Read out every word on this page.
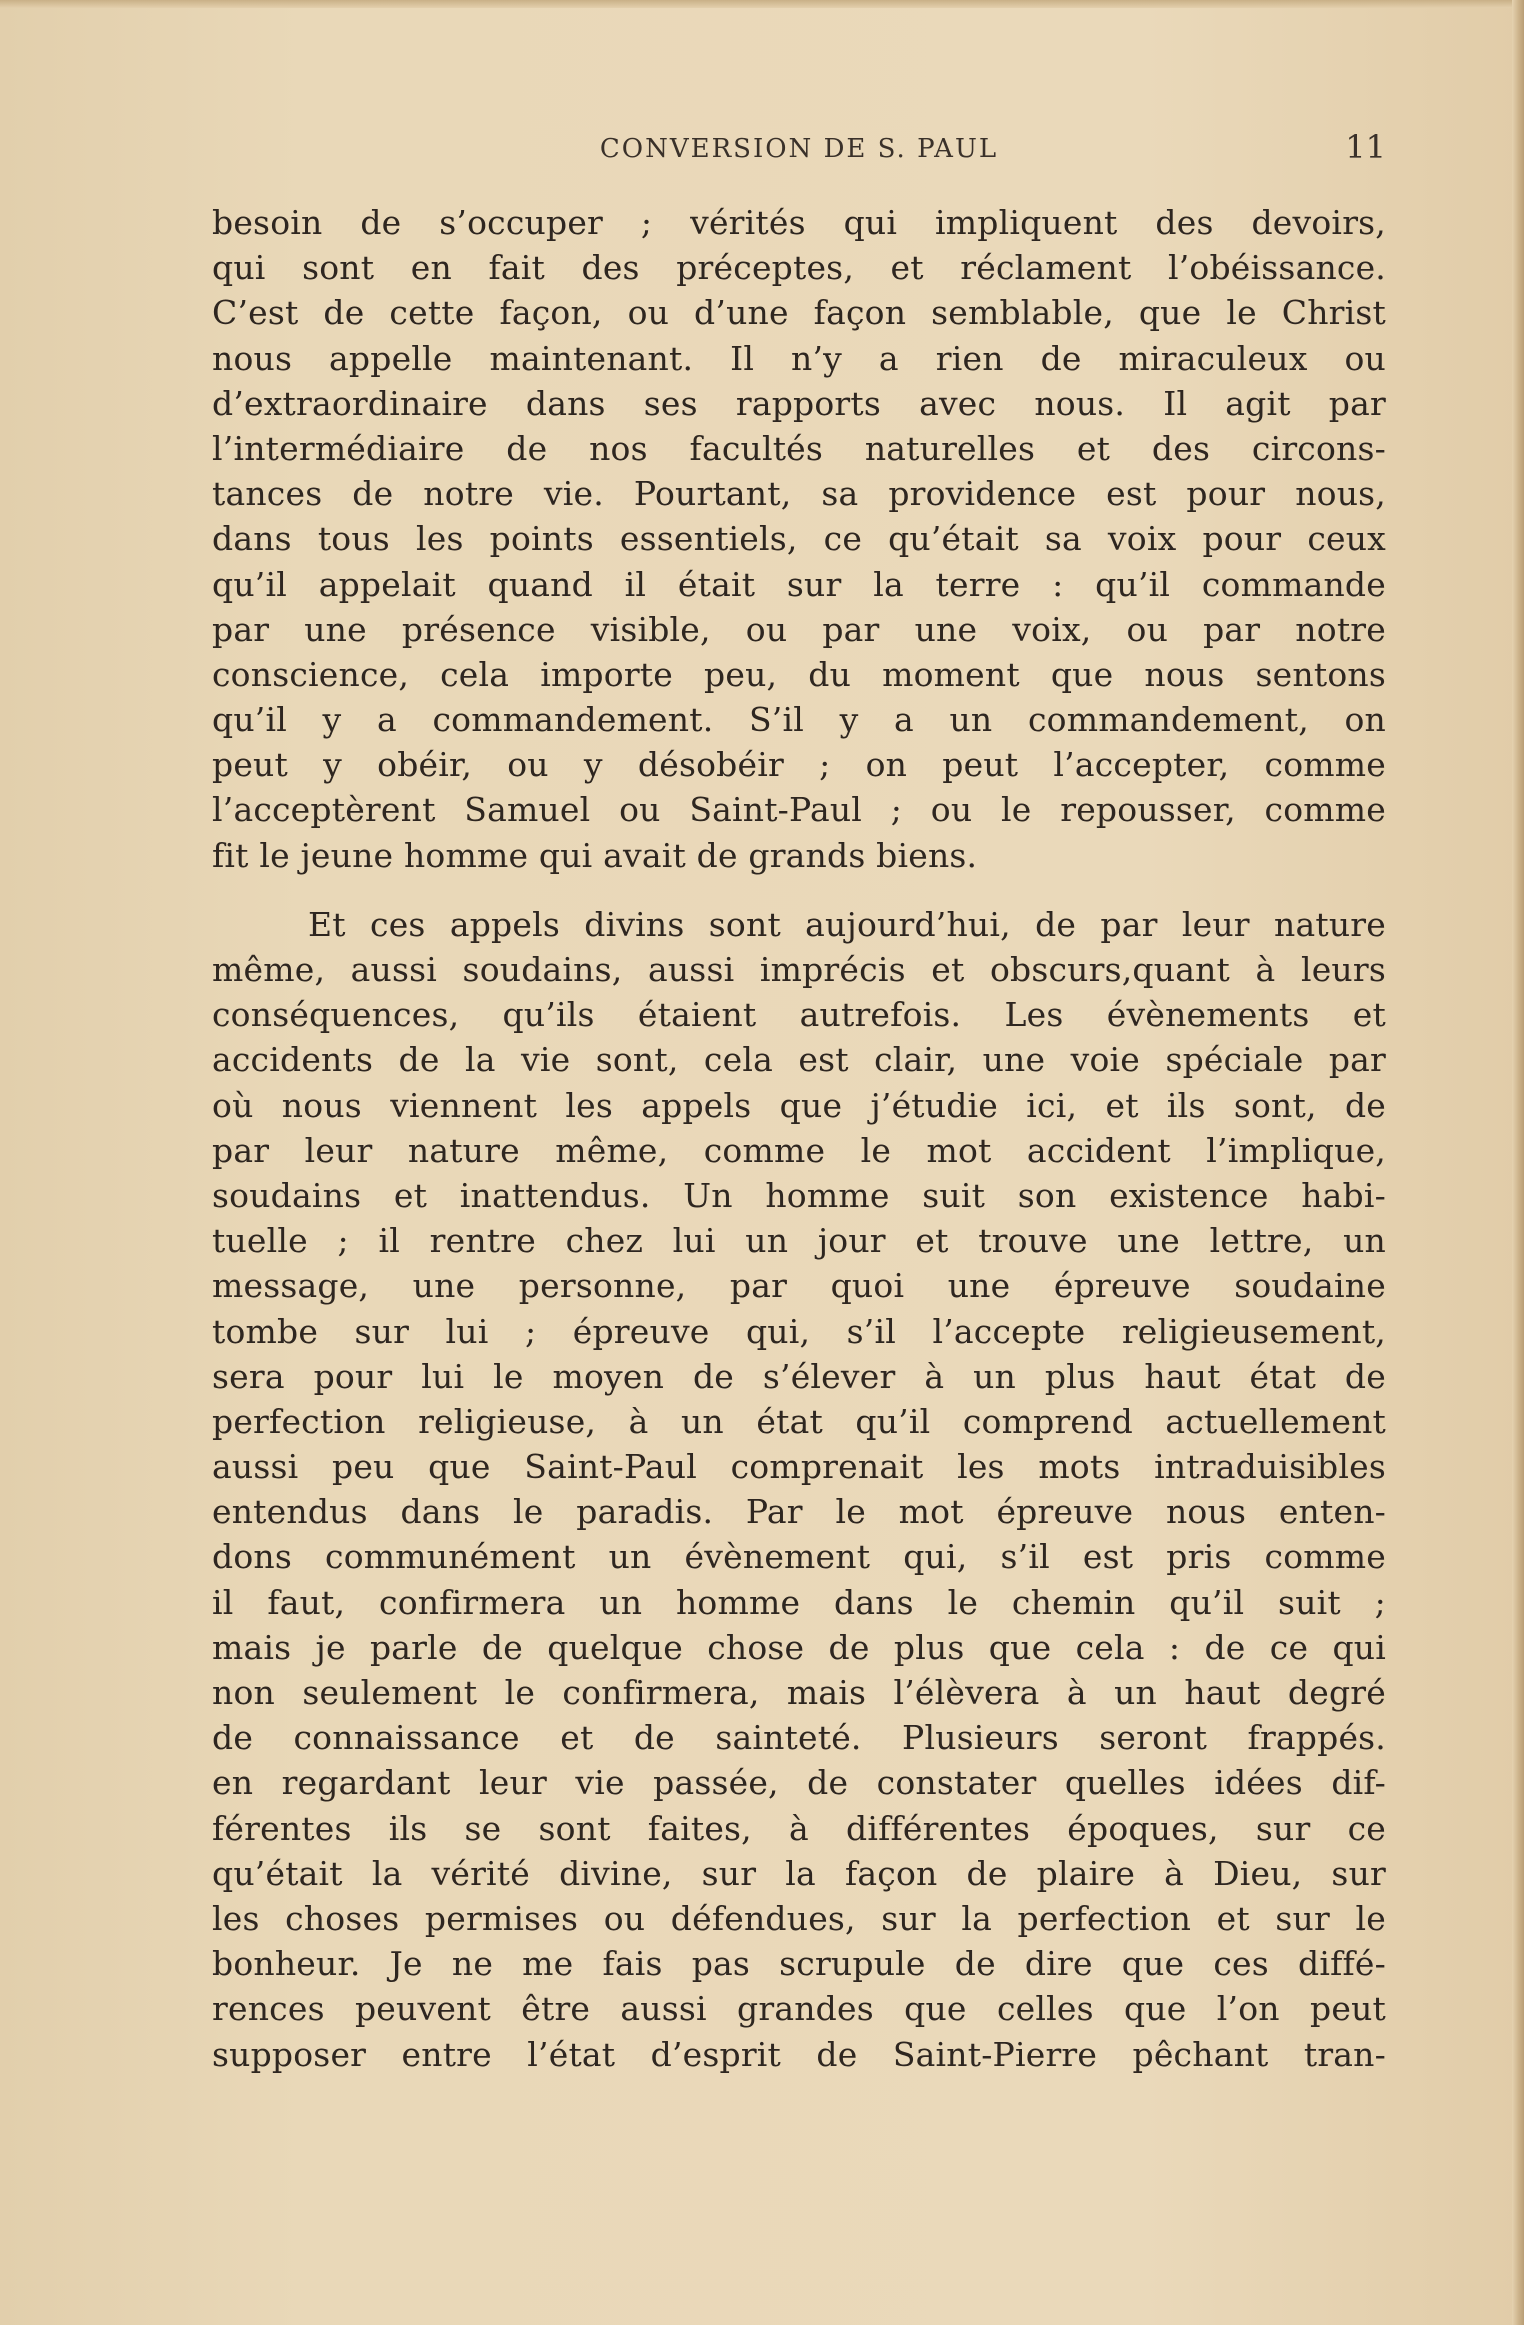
CONVERSION DE S. PAUL	11
besoin de s’occuper ; vérités qui impliquent des devoirs,
qui sont en fait des préceptes, et réclament l’obéissance.
C’est de cette façon, ou d’une façon semblable, que le Christ
nous appelle maintenant. Il n’y a rien de miraculeux ou
d’extraordinaire dans ses rapports avec nous. Il agit par
l’intermédiaire de nos facultés naturelles et des circons-
tances de notre vie. Pourtant, sa providence est pour nous,
dans tous les points essentiels, ce qu’était sa voix pour ceux
qu’il appelait quand il était sur la terre : qu’il commande
par une présence visible, ou par une voix, ou par notre
conscience, cela importe peu, du moment que nous sentons
qu’il y a commandement. S’il y a un commandement, on
peut y obéir, ou y désobéir ; on peut l’accepter, comme
l’acceptèrent Samuel ou Saint-Paul ; ou le repousser, comme
fit le jeune homme qui avait de grands biens.
Et ces appels divins sont aujourd’hui, de par leur nature
même, aussi soudains, aussi imprécis et obscurs,quant à leurs
conséquences, qu’ils étaient autrefois. Les évènements et
accidents de la vie sont, cela est clair, une voie spéciale par
où nous viennent les appels que j’étudie ici, et ils sont, de
par leur nature même, comme le mot accident l’implique,
soudains et inattendus. Un homme suit son existence habi-
tuelle ; il rentre chez lui un jour et trouve une lettre, un
message, une personne, par quoi une épreuve soudaine
tombe sur lui ; épreuve qui, s’il l’accepte religieusement,
sera pour lui le moyen de s’élever à un plus haut état de
perfection religieuse, à un état qu’il comprend actuellement
aussi peu que Saint-Paul comprenait les mots intraduisibles
entendus dans le paradis. Par le mot épreuve nous enten-
dons communément un évènement qui, s’il est pris comme
il faut, confirmera un homme dans le chemin qu’il suit ;
mais je parle de quelque chose de plus que cela : de ce qui
non seulement le confirmera, mais l’élèvera à un haut degré
de connaissance et de sainteté. Plusieurs seront frappés.
en regardant leur vie passée, de constater quelles idées dif-
férentes ils se sont faites, à différentes époques, sur ce
qu’était la vérité divine, sur la façon de plaire à Dieu, sur
les choses permises ou défendues, sur la perfection et sur le
bonheur. Je ne me fais pas scrupule de dire que ces diffé-
rences peuvent être aussi grandes que celles que l’on peut
supposer entre l’état d’esprit de Saint-Pierre pêchant tran-
